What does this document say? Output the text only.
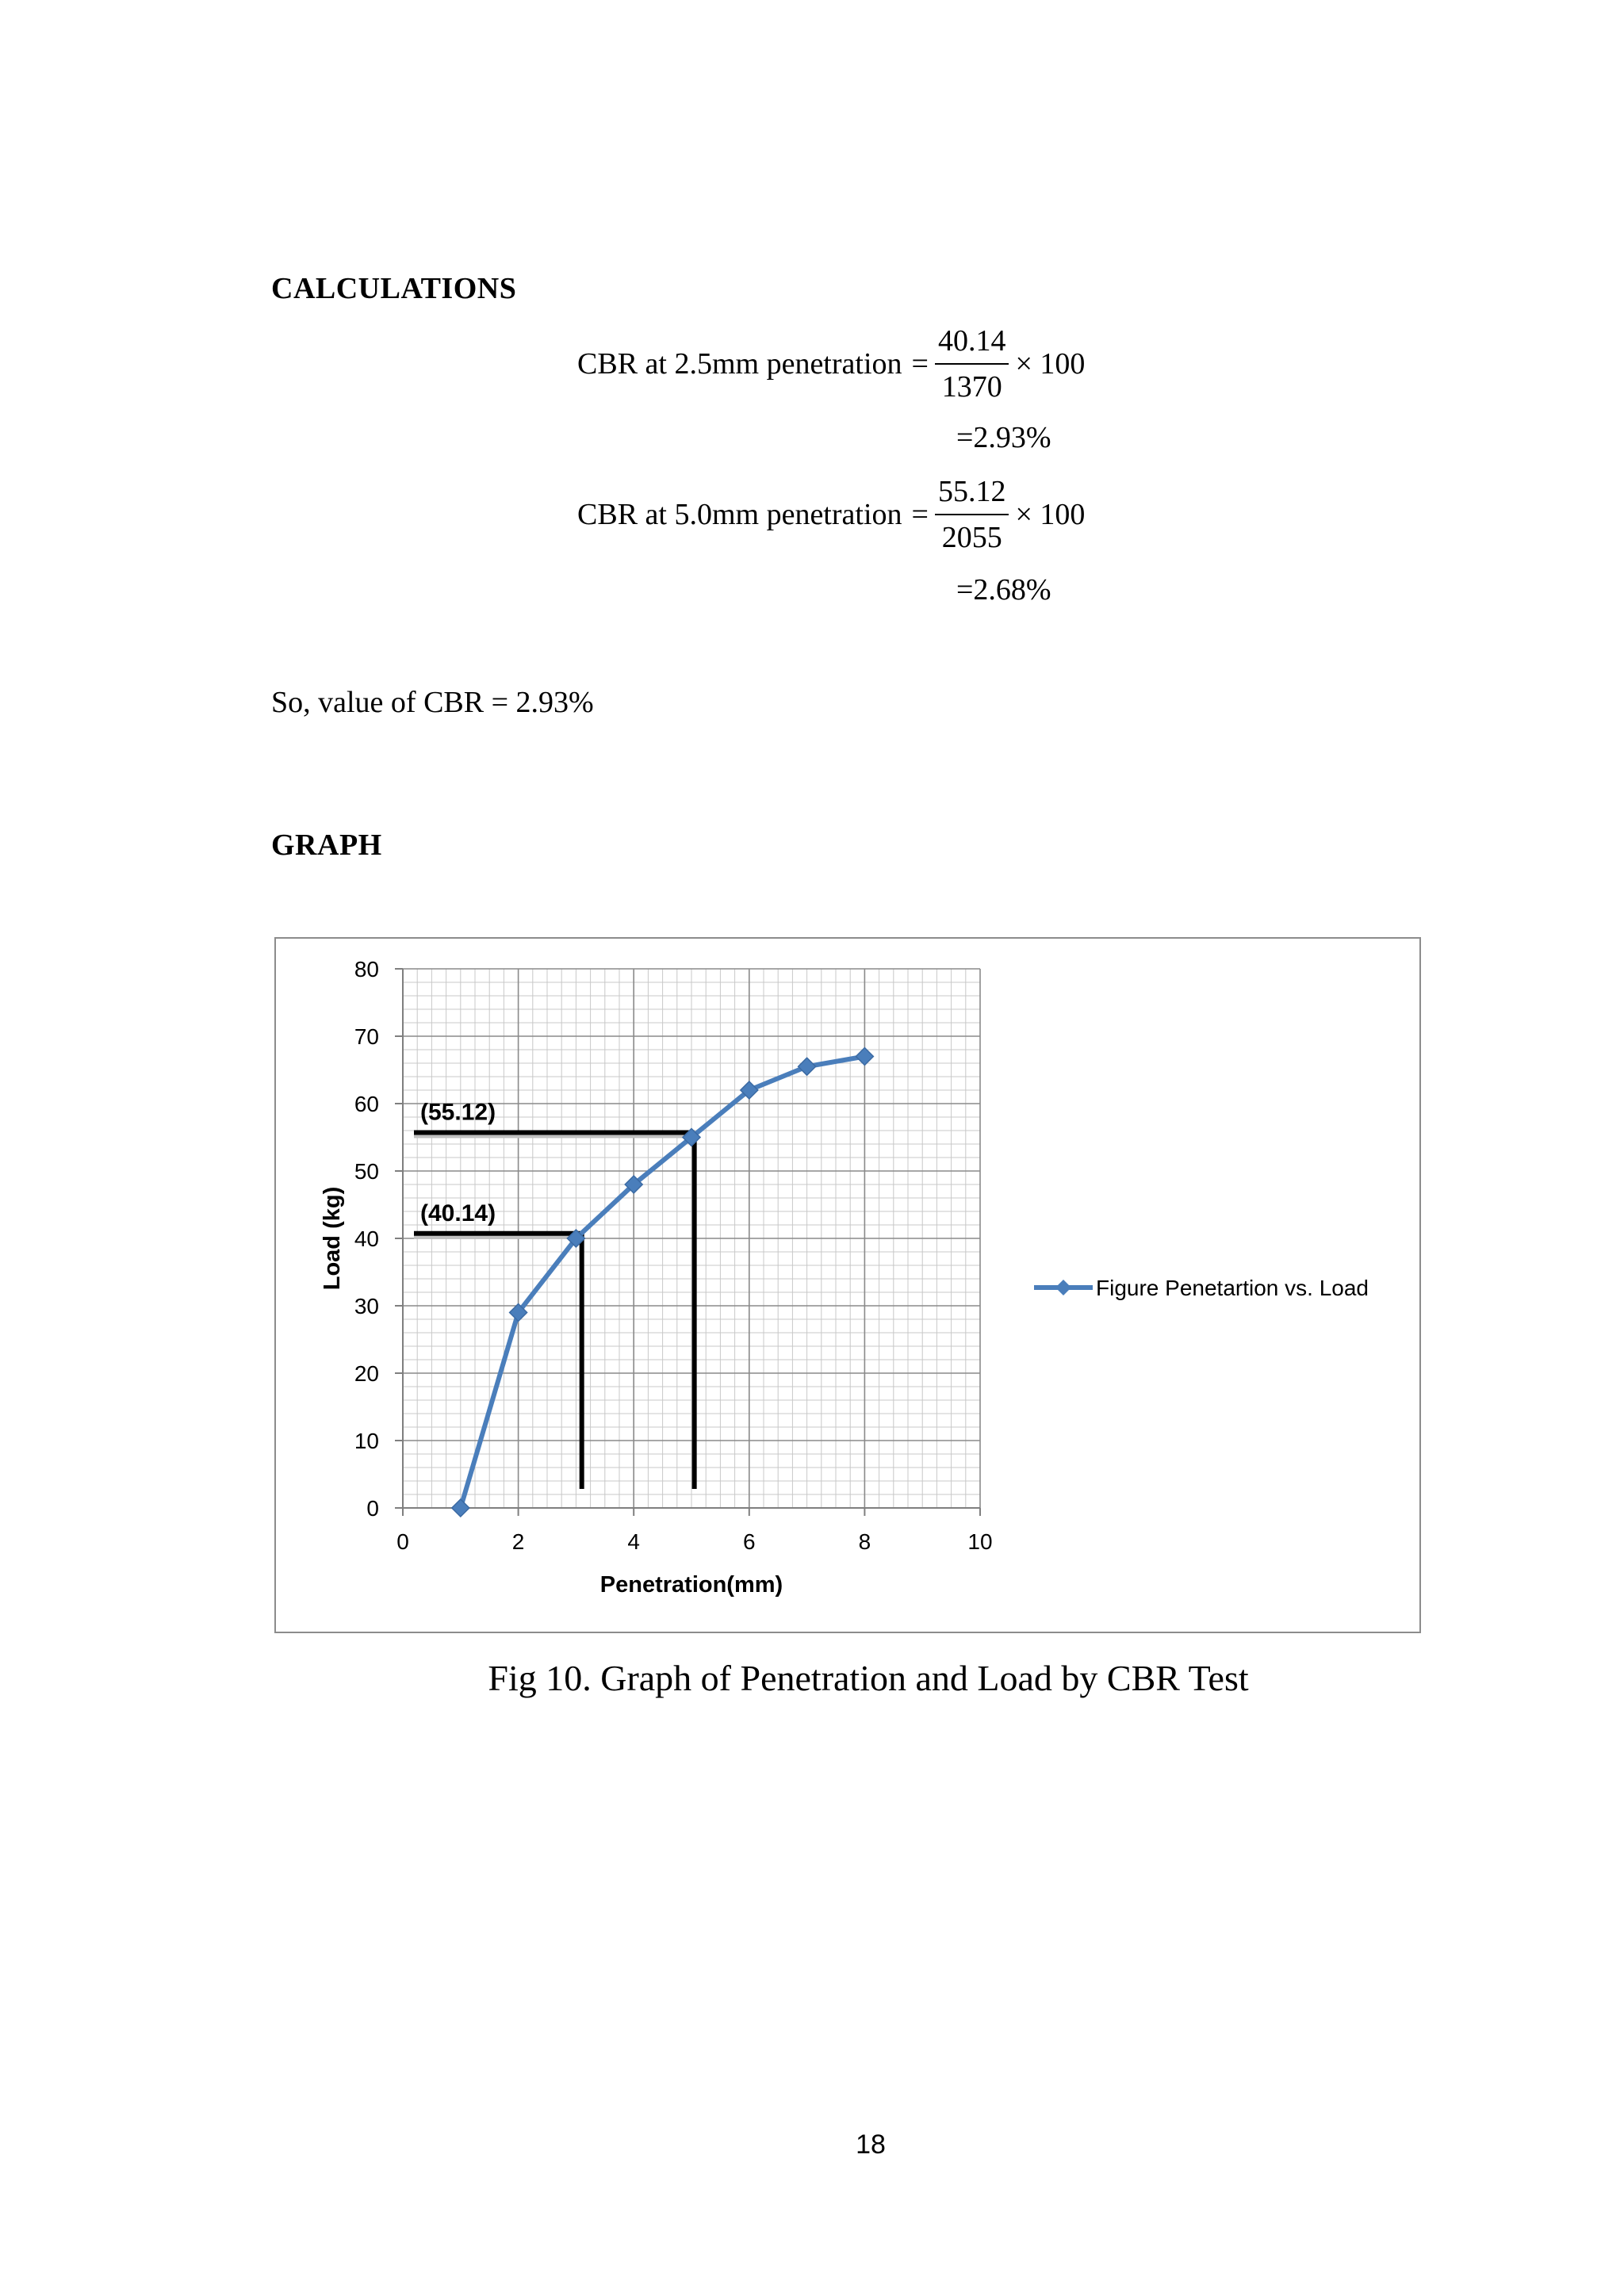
CALCULATIONS
CBR at 2.5mm penetration = $\frac{40.14}{1370} \times 100$
=2.93%
CBR at 5.0mm penetration = $\frac{55.12}{2055} \times 100$
=2.68%
So, value of CBR = 2.93%
GRAPH
0
10
20
30
40
50
60
70
80
0	2	4	6	8	10
Penetration(mm)
Load (kg)
(55.12)
(40.14)
Figure Penetartion vs. Load
Fig 10. Graph of Penetration and Load by CBR Test
18
